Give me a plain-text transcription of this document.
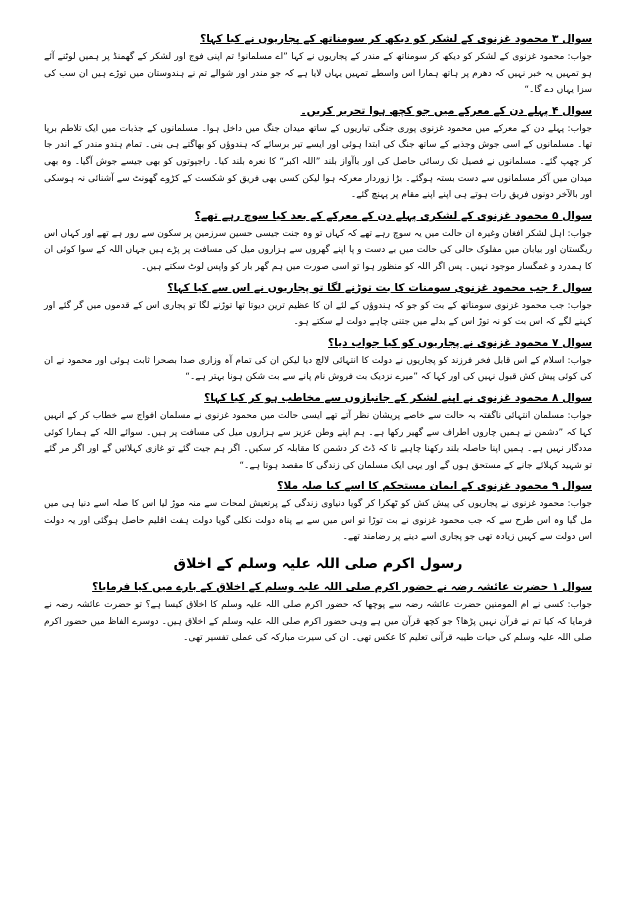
سوال ۳ محمود غزنوی کے لشکر کو دیکھ کر سومناتھ کے پجاریوں نے کیا کہا؟

جواب: محمود غزنوی کے لشکر کو دیکھ کر سومناتھ کے مندر کے پجاریوں نے کہا ”اے مسلمانو! تم اپنی فوج اور لشکر کے گھمنڈ پر ہمیں لوٹنے آئے ہو تمہیں یہ خبر نہیں کہ دھرم پر ہاتھ ہمارا اس واسطے تمہیں یہاں لایا ہے کہ جو مندر اور شوالے تم نے ہندوستان میں توڑے ہیں ان سب کی سزا یہاں دے گا۔“

سوال ۴ پہلے دن کے معرکے میں جو کچھ ہوا تحریر کریں۔

جواب: پہلے دن کے معرکے میں محمود غزنوی پوری جنگی تیاریوں کے ساتھ میدان جنگ میں داخل ہوا۔ مسلمانوں کے جذبات میں ایک تلاطم برپا تھا۔ مسلمانوں کے اسی جوش وجذبے کے ساتھ جنگ کی ابتدا ہوئی اور ایسے تیر برسائے کہ ہندوؤں کو بھاگتے ہی بنی۔ تمام ہندو مندر کے اندر جا کر چھپ گئے۔ مسلمانوں نے فصیل تک رسائی حاصل کی اور باآواز بلند ”اللہ اکبر“ کا نعرہ بلند کیا۔ راجپوتوں کو بھی جیسے جوش آگیا۔ وہ بھی میدان میں آکر مسلمانوں سے دست بستہ ہوگئے۔ بڑا زوردار معرکہ ہوا لیکن کسی بھی فریق کو شکست کے کڑوے گھونٹ سے آشنائی نہ ہوسکی اور بالآخر دونوں فریق رات ہوتے ہی اپنے اپنے مقام پر پہنچ گئے۔

سوال ۵ محمود غزنوی کے لشکری پہلے دن کے معرکے کے بعد کیا سوچ رہے تھے؟

جواب: اہل لشکر افغان وغیرہ ان حالت میں یہ سوچ رہے تھے کہ کہاں تو وہ جنت جیسی حسین سرزمین پر سکون سے رور ہے تھے اور کہاں اس ریگستان اور بیابان میں مفلوک حالی کی حالت میں بے دست و پا اپنے گھروں سے ہزاروں میل کی مسافت پر پڑے ہیں جہاں اللہ کے سوا کوئی ان کا ہمدرد و غمگسار موجود نہیں۔ پس اگر اللہ کو منظور ہوا تو اسی صورت میں ہم گھر بار کو واپس لوٹ سکتے ہیں۔

سوال ۶ جب محمود غزنوی سومنات کا بت توڑنے لگا تو پجاریوں نے اس سے کیا کہا؟

جواب: جب محمود غزنوی سومناتھ کے بت کو جو کہ ہندوؤں کے لئے ان کا عظیم ترین دیوتا تھا توڑنے لگا تو پجاری اس کے قدموں میں گر گئے اور کہنے لگے کہ اس بت کو نہ توڑ اس کے بدلے میں جتنی چاہے دولت لے سکتے ہو۔

سوال ۷ محمود غزنوی نے پجاریوں کو کیا جواب دیا؟

جواب: اسلام کے اس قابل فخر فرزند کو پجاریوں نے دولت کا انتہائی لالچ دیا لیکن ان کی تمام آہ وزاری صدا بصحرا ثابت ہوئی اور محمود نے ان کی کوئی پیش کش قبول نہیں کی اور کہا کہ ”میرے نزدیک بت فروش نام پانے سے بت شکن ہونا بہتر ہے۔“

سوال ۸ محمود غزنوی نے اپنے لشکر کے جانبازوں سے مخاطب ہو کر کیا کہا؟

جواب: مسلمان انتہائی ناگفتہ بہ حالت سے خاصے پریشان نظر آتے تھے ایسی حالت میں محمود غزنوی نے مسلمان افواج سے خطاب کر کے انہیں کہا کہ ”دشمن نے ہمیں چاروں اطراف سے گھیر رکھا ہے۔ ہم اپنے وطن عزیز سے ہزاروں میل کی مسافت پر ہیں۔ سوائے اللہ کے ہمارا کوئی مددگار نہیں ہے۔ ہمیں اپنا حاصلہ بلند رکھنا چاہیے تا کہ ڈٹ کر دشمن کا مقابلہ کر سکیں۔ اگر ہم جیت گئے تو غازی کہلائیں گے اور اگر مر گئے تو شہید کہلائے جانے کے مستحق ہوں گے اور یہی ایک مسلمان کی زندگی کا مقصد ہوتا ہے۔“

سوال ۹ محمود غزنوی کے ایمان مستحکم کا اسے کیا صلہ ملا؟

جواب: محمود غزنوی نے پجاریوں کی پیش کش کو ٹھکرا کر گویا دنیاوی زندگی کے پرتعیش لمحات سے منہ موڑ لیا اس کا صلہ اسے دنیا ہی میں مل گیا وہ اس طرح سے کہ جب محمود غزنوی نے بت توڑا تو اس میں سے بے پناہ دولت نکلی گویا دولت ہفت اقلیم حاصل ہوگئی اور یہ دولت اس دولت سے کہیں زیادہ تھی جو پجاری اسے دینے پر رضامند تھے۔

رسول اکرم صلی اللہ علیہ وسلم کے اخلاق

سوال ۱ حضرت عائشہ رضہ نے حضور اکرم صلی اللہ علیہ وسلم کے اخلاق کے بارے میں کیا فرمایا؟

جواب: کسی نے ام المومنین حضرت عائشہ رضہ سے پوچھا کہ حضور اکرم صلی اللہ علیہ وسلم کا اخلاق کیسا ہے؟ تو حضرت عائشہ رضہ نے فرمایا کہ کیا تم نے قرآن نہیں پڑھا؟ جو کچھ قرآن میں ہے وہی حضور اکرم صلی اللہ علیہ وسلم کے اخلاق ہیں۔ دوسرے الفاظ میں حضور اکرم صلی اللہ علیہ وسلم کی حیات طیبہ قرآنی تعلیم کا عکس تھی۔ ان کی سیرت مبارکہ کی عملی تفسیر تھی۔
